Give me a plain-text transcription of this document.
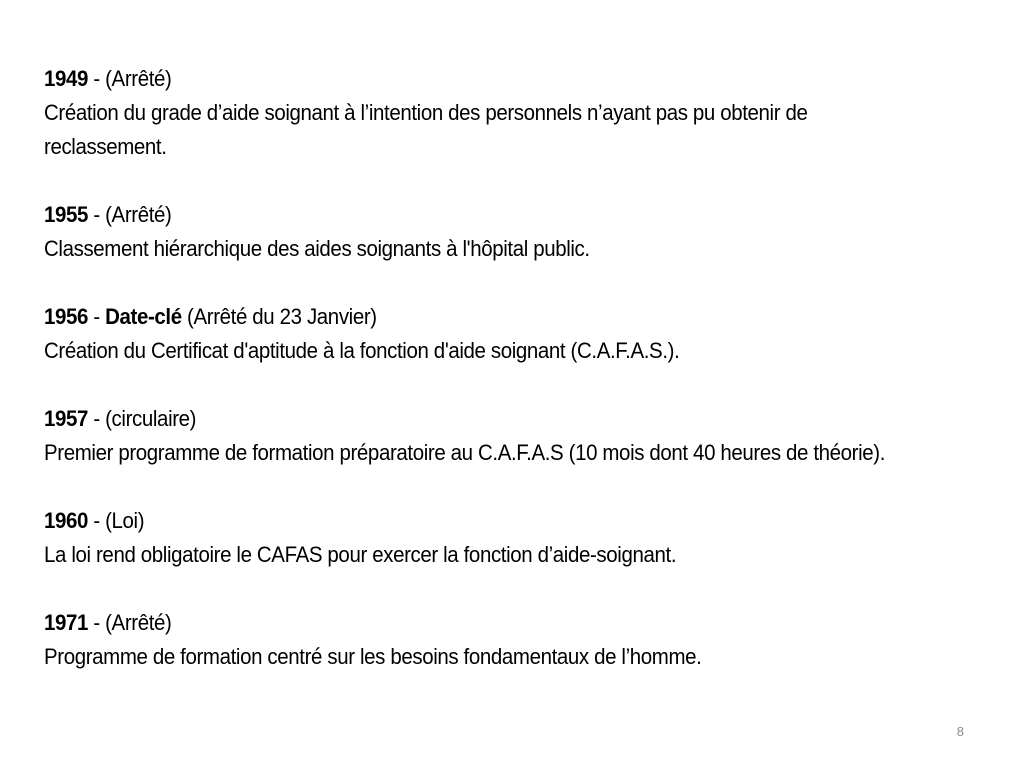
1949 - (Arrêté)

Création du grade d’aide soignant à l’intention des personnels n’ayant pas pu obtenir de reclassement.

1955 - (Arrêté)

Classement hiérarchique des aides soignants à l'hôpital public.

1956 - Date-clé (Arrêté du 23 Janvier)

Création du Certificat d'aptitude à la fonction d'aide soignant (C.A.F.A.S.).

1957 - (circulaire)

Premier programme de formation préparatoire au C.A.F.A.S (10 mois dont 40 heures de théorie).

1960 - (Loi)

La loi rend obligatoire le CAFAS pour exercer la fonction d’aide-soignant.

1971 - (Arrêté)

Programme de formation centré sur les besoins fondamentaux de l’homme.

8
